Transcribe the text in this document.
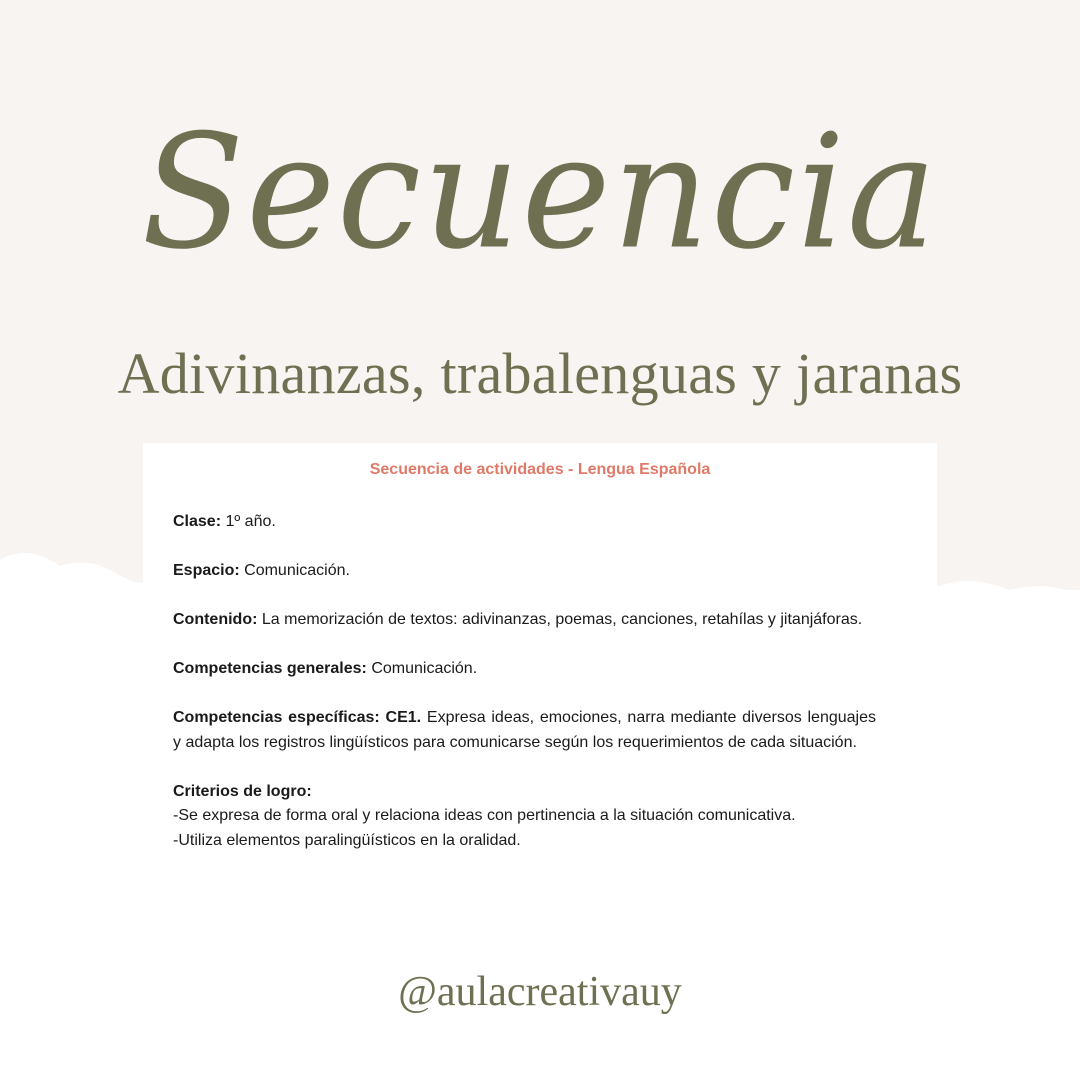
Secuencia
Adivinanzas, trabalenguas y jaranas
Secuencia de actividades - Lengua Española

Clase: 1º año.

Espacio: Comunicación.

Contenido: La memorización de textos: adivinanzas, poemas, canciones, retahílas y jitanjáforas.

Competencias generales: Comunicación.

Competencias específicas: CE1. Expresa ideas, emociones, narra mediante diversos lenguajes y adapta los registros lingüísticos para comunicarse según los requerimientos de cada situación.

Criterios de logro:
-Se expresa de forma oral y relaciona ideas con pertinencia a la situación comunicativa.
-Utiliza elementos paralingüísticos en la oralidad.

@aulacreativauy
